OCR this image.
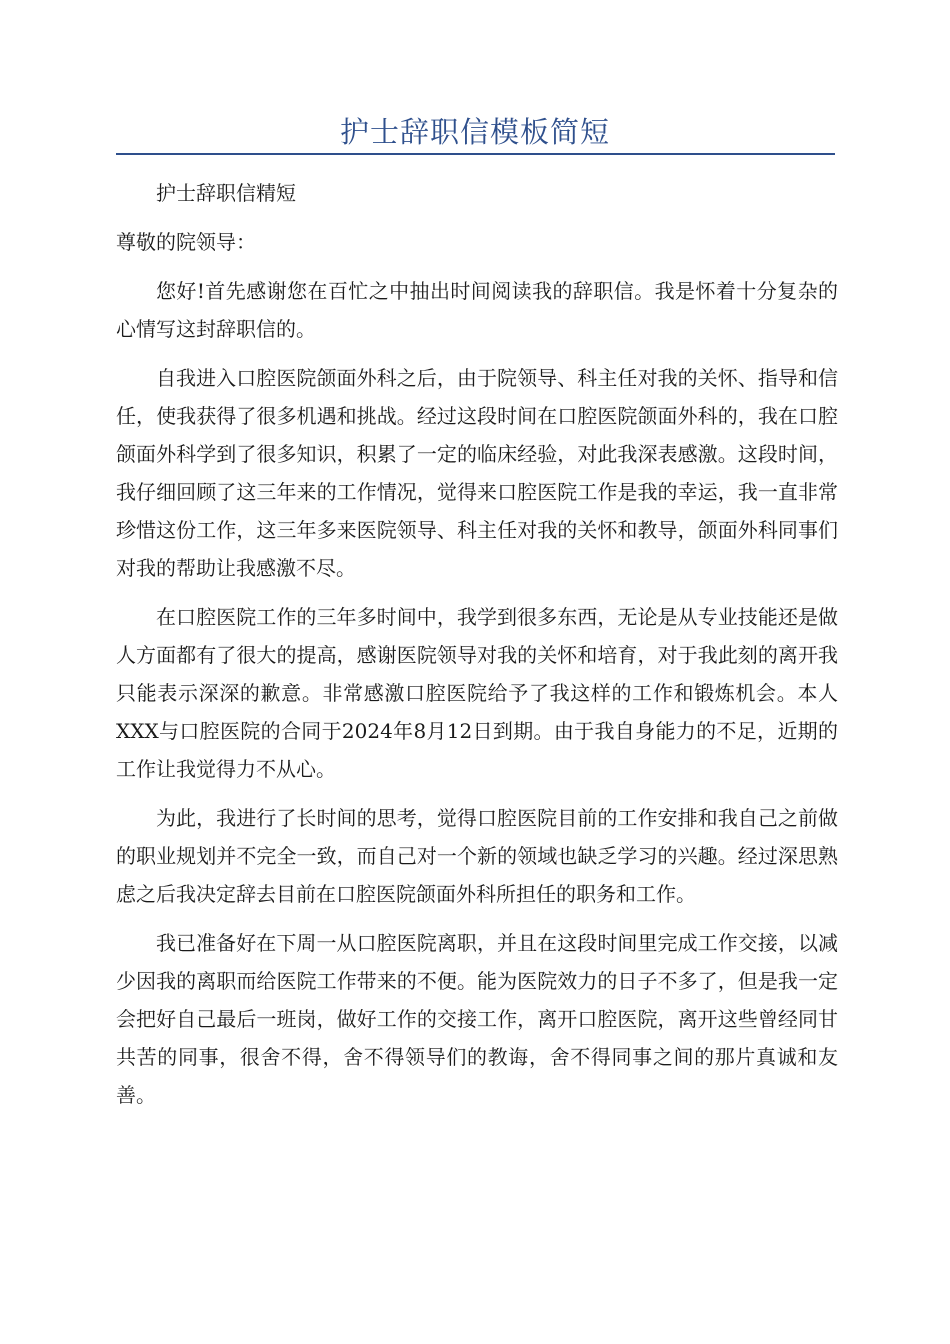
护士辞职信模板简短

护士辞职信精短

尊敬的院领导：

您好!首先感谢您在百忙之中抽出时间阅读我的辞职信。我是怀着十分复杂的心情写这封辞职信的。

自我进入口腔医院颌面外科之后，由于院领导、科主任对我的关怀、指导和信任，使我获得了很多机遇和挑战。经过这段时间在口腔医院颌面外科的，我在口腔颌面外科学到了很多知识，积累了一定的临床经验，对此我深表感激。这段时间，我仔细回顾了这三年来的工作情况，觉得来口腔医院工作是我的幸运，我一直非常珍惜这份工作，这三年多来医院领导、科主任对我的关怀和教导，颌面外科同事们对我的帮助让我感激不尽。

在口腔医院工作的三年多时间中，我学到很多东西，无论是从专业技能还是做人方面都有了很大的提高，感谢医院领导对我的关怀和培育，对于我此刻的离开我只能表示深深的歉意。非常感激口腔医院给予了我这样的工作和锻炼机会。本人XXX与口腔医院的合同于2024年8月12日到期。由于我自身能力的不足，近期的工作让我觉得力不从心。

为此，我进行了长时间的思考，觉得口腔医院目前的工作安排和我自己之前做的职业规划并不完全一致，而自己对一个新的领域也缺乏学习的兴趣。经过深思熟虑之后我决定辞去目前在口腔医院颌面外科所担任的职务和工作。

我已准备好在下周一从口腔医院离职，并且在这段时间里完成工作交接，以减少因我的离职而给医院工作带来的不便。能为医院效力的日子不多了，但是我一定会把好自己最后一班岗，做好工作的交接工作，离开口腔医院，离开这些曾经同甘共苦的同事，很舍不得，舍不得领导们的教诲，舍不得同事之间的那片真诚和友善。
